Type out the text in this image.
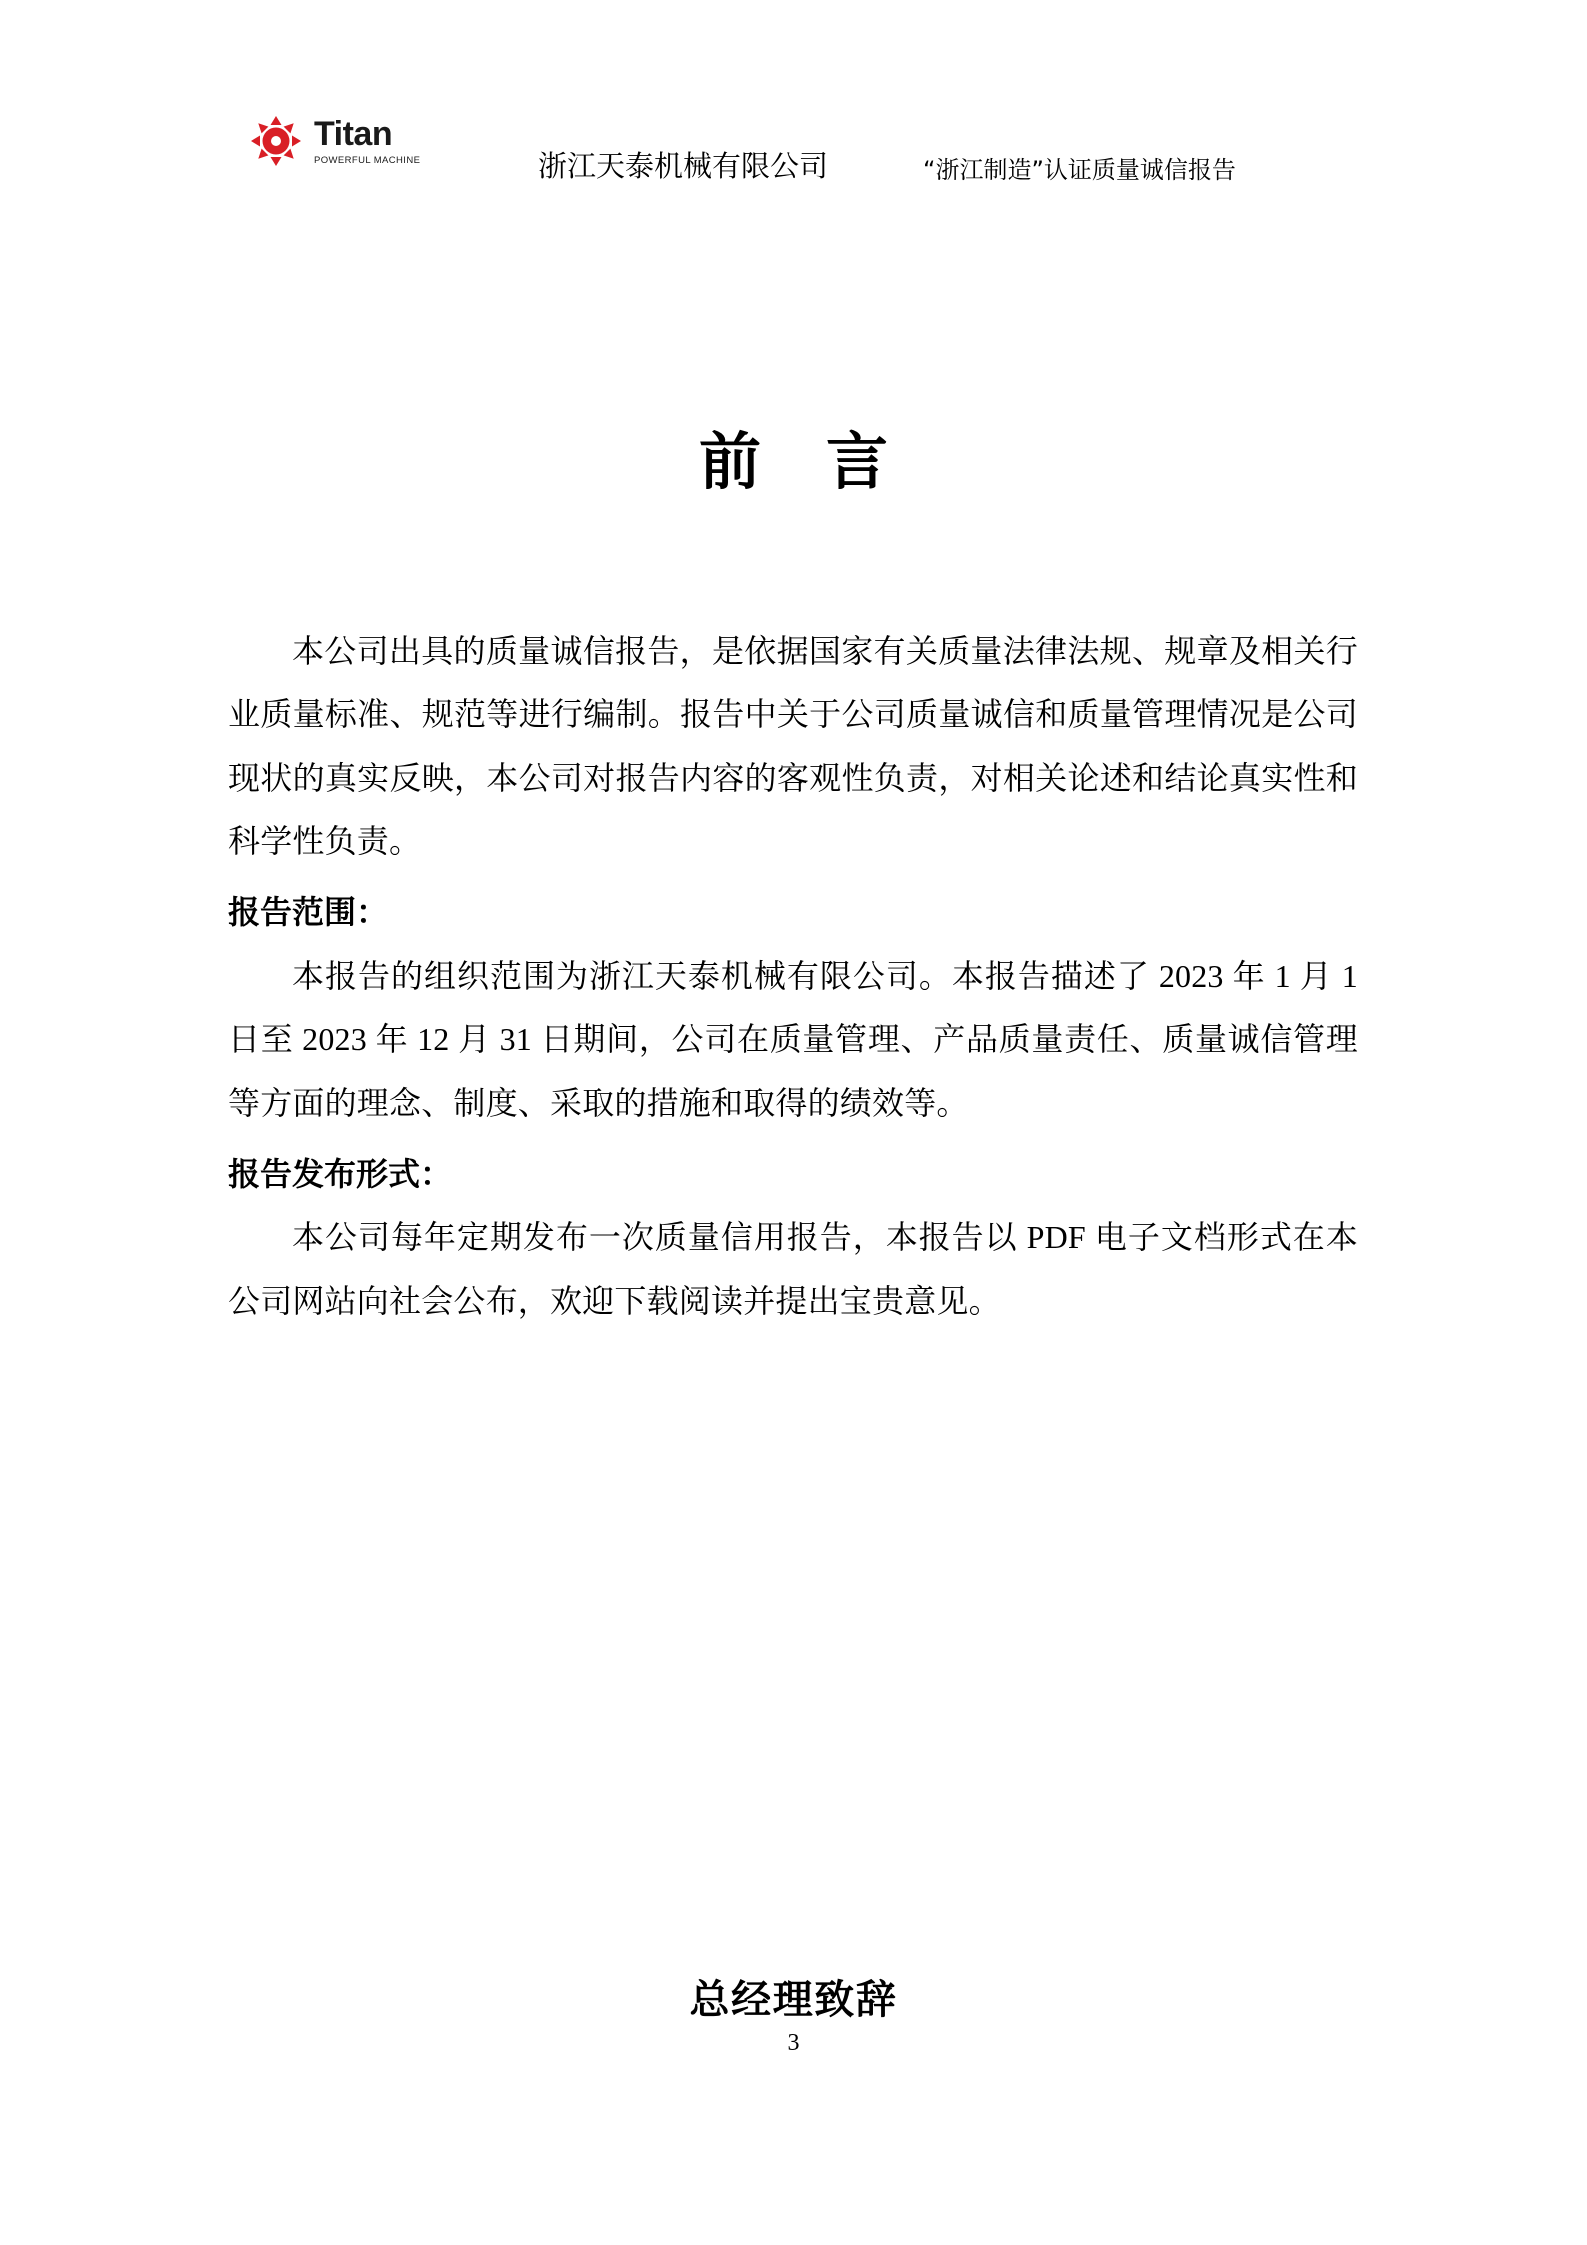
Titan
POWERFUL MACHINE	浙江天泰机械有限公司	“浙江制造”认证质量诚信报告
前 言

本公司出具的质量诚信报告，是依据国家有关质量法律法规、规章及相关行业质量标准、规范等进行编制。报告中关于公司质量诚信和质量管理情况是公司现状的真实反映，本公司对报告内容的客观性负责，对相关论述和结论真实性和科学性负责。

报告范围：

本报告的组织范围为浙江天泰机械有限公司。本报告描述了 2023 年 1 月 1 日至 2023 年 12 月 31 日期间，公司在质量管理、产品质量责任、质量诚信管理等方面的理念、制度、采取的措施和取得的绩效等。

报告发布形式：

本公司每年定期发布一次质量信用报告，本报告以 PDF 电子文档形式在本公司网站向社会公布，欢迎下载阅读并提出宝贵意见。

总经理致辞
3
